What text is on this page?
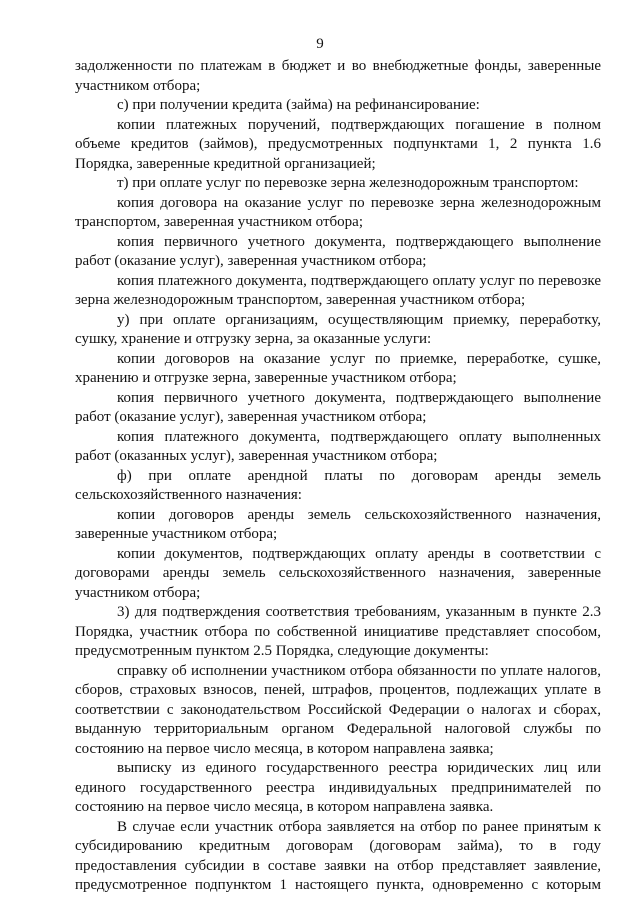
9

задолженности по платежам в бюджет и во внебюджетные фонды, заверенные участником отбора;

с) при получении кредита (займа) на рефинансирование:

копии платежных поручений, подтверждающих погашение в полном объеме кредитов (займов), предусмотренных подпунктами 1, 2 пункта 1.6 Порядка, заверенные кредитной организацией;

т) при оплате услуг по перевозке зерна железнодорожным транспортом:

копия договора на оказание услуг по перевозке зерна железнодорожным транспортом, заверенная участником отбора;

копия первичного учетного документа, подтверждающего выполнение работ (оказание услуг), заверенная участником отбора;

копия платежного документа, подтверждающего оплату услуг по перевозке зерна железнодорожным транспортом, заверенная участником отбора;

у) при оплате организациям, осуществляющим приемку, переработку, сушку, хранение и отгрузку зерна, за оказанные услуги:

копии договоров на оказание услуг по приемке, переработке, сушке, хранению и отгрузке зерна, заверенные участником отбора;

копия первичного учетного документа, подтверждающего выполнение работ (оказание услуг), заверенная участником отбора;

копия платежного документа, подтверждающего оплату выполненных работ (оказанных услуг), заверенная участником отбора;

ф) при оплате арендной платы по договорам аренды земель сельскохозяйственного назначения:

копии договоров аренды земель сельскохозяйственного назначения, заверенные участником отбора;

копии документов, подтверждающих оплату аренды в соответствии с договорами аренды земель сельскохозяйственного назначения, заверенные участником отбора;

3) для подтверждения соответствия требованиям, указанным в пункте 2.3 Порядка, участник отбора по собственной инициативе представляет способом, предусмотренным пунктом 2.5 Порядка, следующие документы:

справку об исполнении участником отбора обязанности по уплате налогов, сборов, страховых взносов, пеней, штрафов, процентов, подлежащих уплате в соответствии с законодательством Российской Федерации о налогах и сборах, выданную территориальным органом Федеральной налоговой службы по состоянию на первое число месяца, в котором направлена заявка;

выписку из единого государственного реестра юридических лиц или единого государственного реестра индивидуальных предпринимателей по состоянию на первое число месяца, в котором направлена заявка.

В случае если участник отбора заявляется на отбор по ранее принятым к субсидированию кредитным договорам (договорам займа), то в году предоставления субсидии в составе заявки на отбор представляет заявление, предусмотренное подпунктом 1 настоящего пункта, одновременно с которым
